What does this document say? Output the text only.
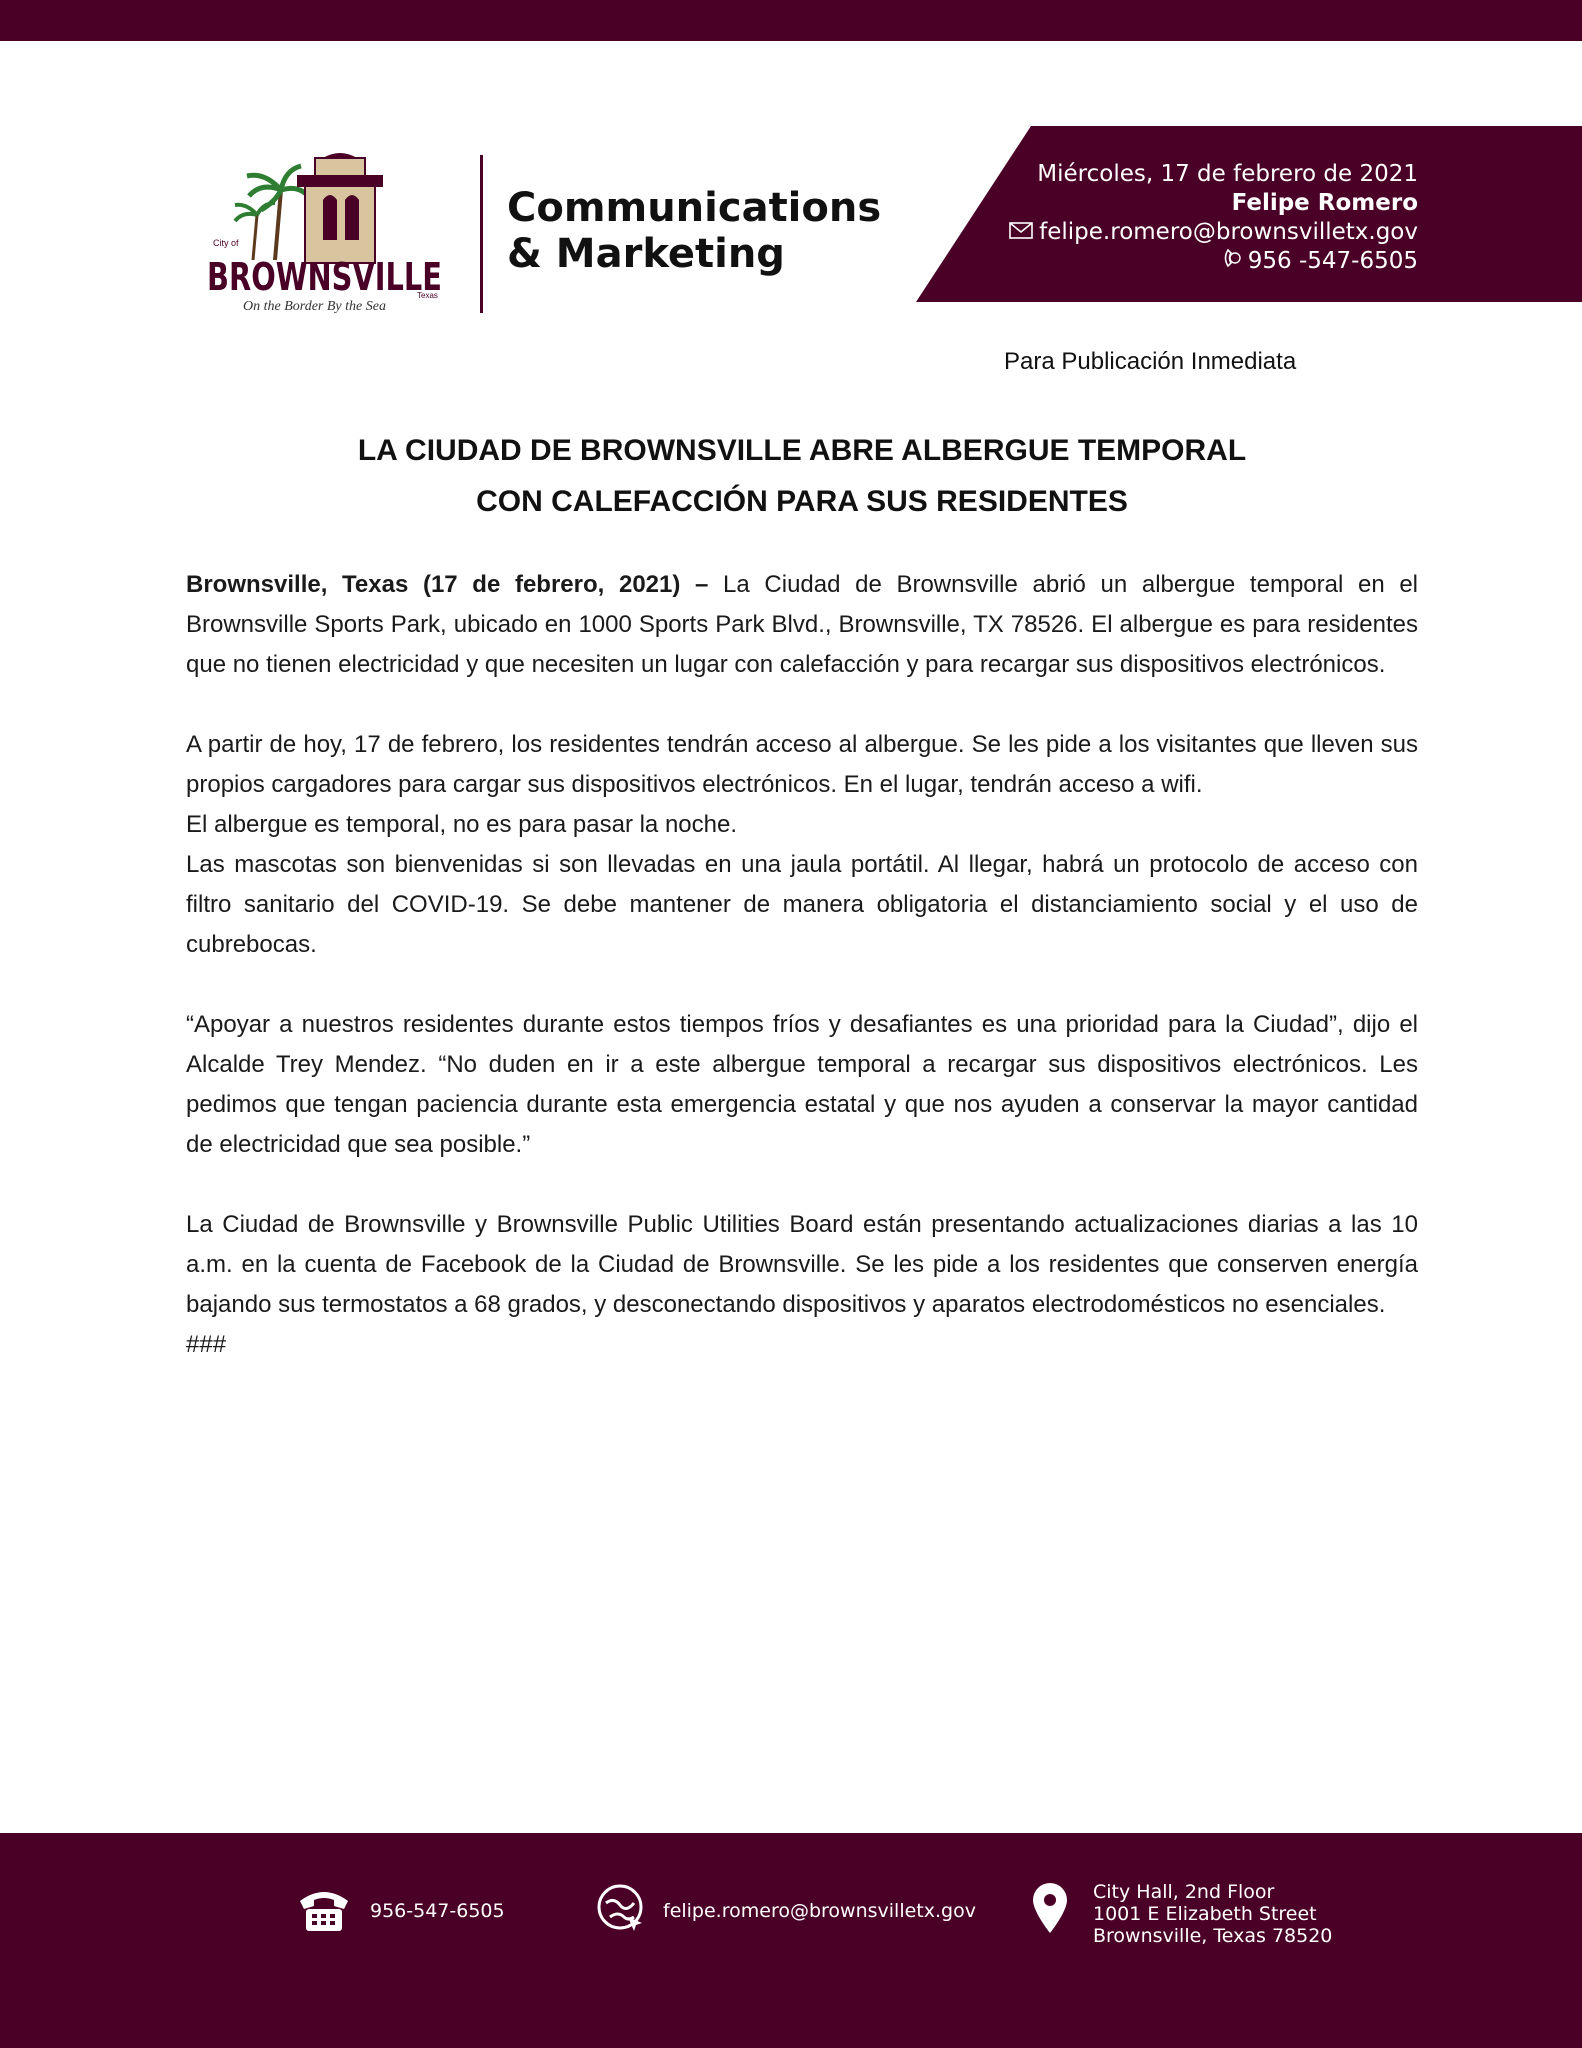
City of
BROWNSVILLE
Texas
On the Border By the Sea
Communications
& Marketing
Miércoles, 17 de febrero de 2021
Felipe Romero
felipe.romero@brownsvilletx.gov
956 -547-6505
Para Publicación Inmediata
LA CIUDAD DE BROWNSVILLE ABRE ALBERGUE TEMPORAL
CON CALEFACCIÓN PARA SUS RESIDENTES

Brownsville, Texas (17 de febrero, 2021) – La Ciudad de Brownsville abrió un albergue temporal en el Brownsville Sports Park, ubicado en 1000 Sports Park Blvd., Brownsville, TX 78526. El albergue es para residentes que no tienen electricidad y que necesiten un lugar con calefacción y para recargar sus dispositivos electrónicos.

A partir de hoy, 17 de febrero, los residentes tendrán acceso al albergue. Se les pide a los visitantes que lleven sus propios cargadores para cargar sus dispositivos electrónicos. En el lugar, tendrán acceso a wifi.

El albergue es temporal, no es para pasar la noche.

Las mascotas son bienvenidas si son llevadas en una jaula portátil. Al llegar, habrá un protocolo de acceso con filtro sanitario del COVID-19. Se debe mantener de manera obligatoria el distanciamiento social y el uso de cubrebocas.

“Apoyar a nuestros residentes durante estos tiempos fríos y desafiantes es una prioridad para la Ciudad”, dijo el Alcalde Trey Mendez. “No duden en ir a este albergue temporal a recargar sus dispositivos electrónicos. Les pedimos que tengan paciencia durante esta emergencia estatal y que nos ayuden a conservar la mayor cantidad de electricidad que sea posible.”

La Ciudad de Brownsville y Brownsville Public Utilities Board están presentando actualizaciones diarias a las 10 a.m. en la cuenta de Facebook de la Ciudad de Brownsville. Se les pide a los residentes que conserven energía bajando sus termostatos a 68 grados, y desconectando dispositivos y aparatos electrodomésticos no esenciales.

###

956-547-6505	felipe.romero@brownsvilletx.gov
City Hall, 2nd Floor
1001 E Elizabeth Street
Brownsville, Texas 78520
